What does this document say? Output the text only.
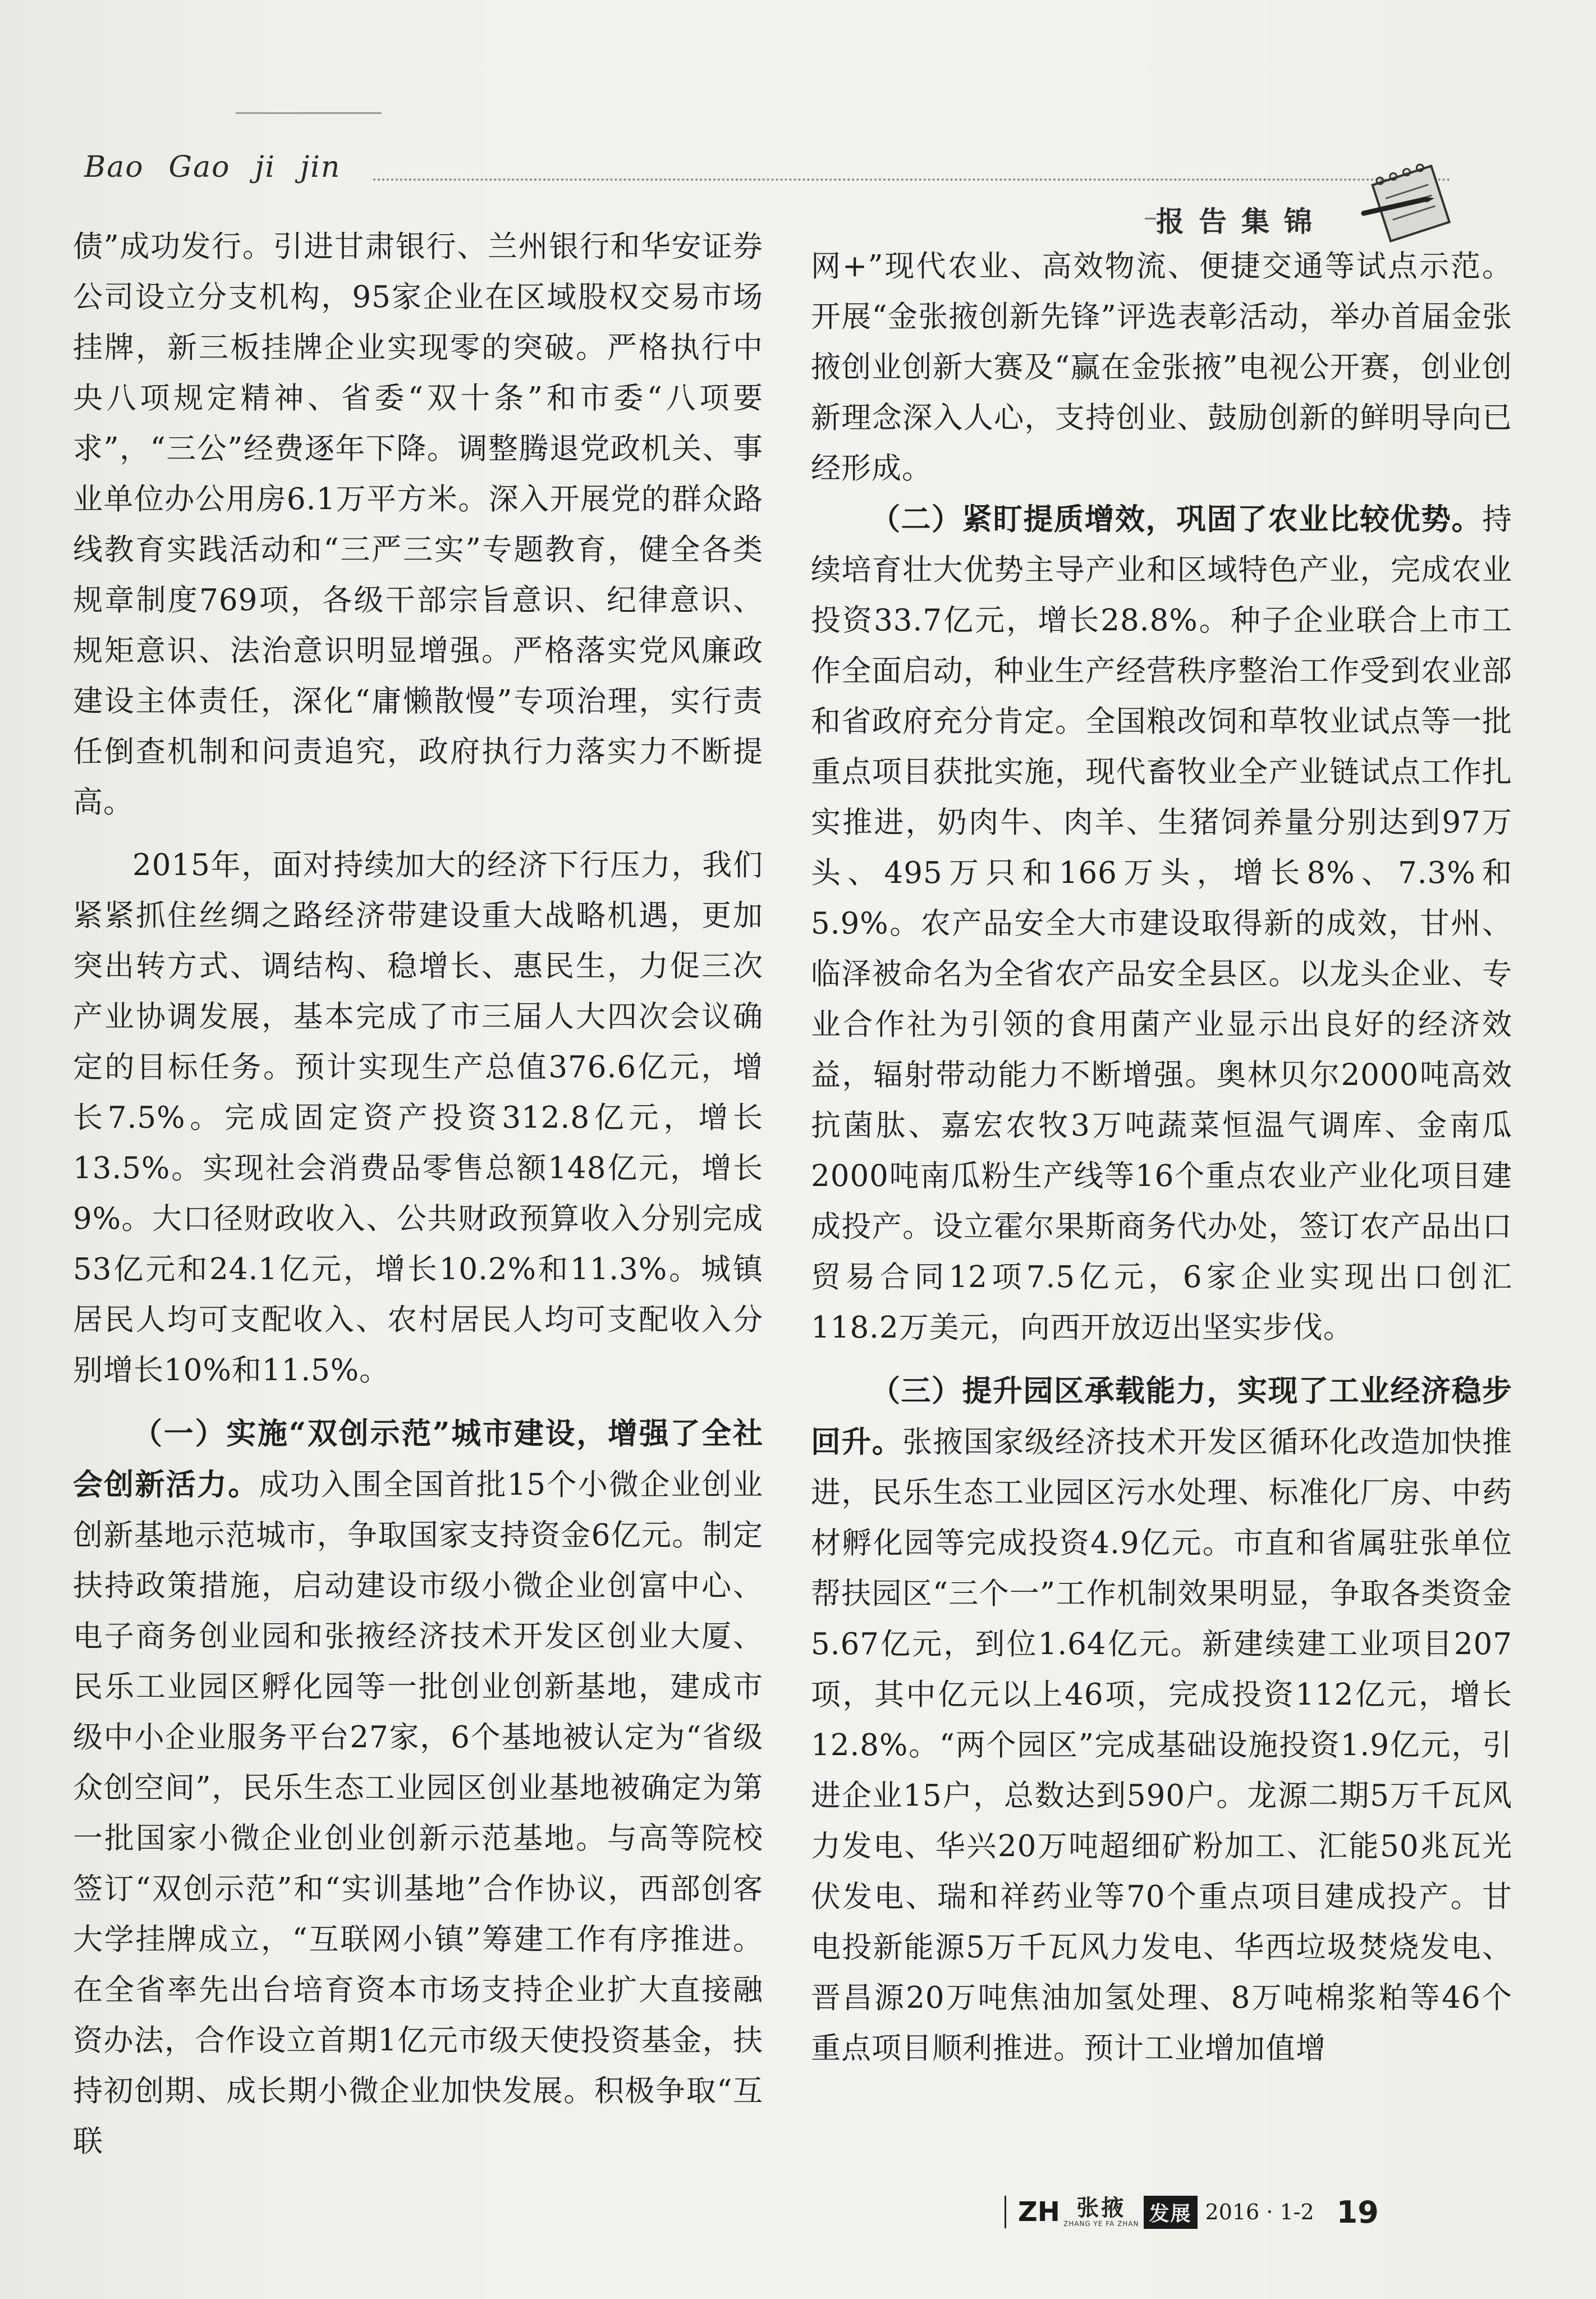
Bao Gao ji jin
报告集锦

债”成功发行。引进甘肃银行、兰州银行和华安证券公司设立分支机构，95家企业在区域股权交易市场挂牌，新三板挂牌企业实现零的突破。严格执行中央八项规定精神、省委“双十条”和市委“八项要求”，“三公”经费逐年下降。调整腾退党政机关、事业单位办公用房6.1万平方米。深入开展党的群众路线教育实践活动和“三严三实”专题教育，健全各类规章制度769项，各级干部宗旨意识、纪律意识、规矩意识、法治意识明显增强。严格落实党风廉政建设主体责任，深化“庸懒散慢”专项治理，实行责任倒查机制和问责追究，政府执行力落实力不断提高。

2015年，面对持续加大的经济下行压力，我们紧紧抓住丝绸之路经济带建设重大战略机遇，更加突出转方式、调结构、稳增长、惠民生，力促三次产业协调发展，基本完成了市三届人大四次会议确定的目标任务。预计实现生产总值376.6亿元，增长7.5%。完成固定资产投资312.8亿元，增长13.5%。实现社会消费品零售总额148亿元，增长9%。大口径财政收入、公共财政预算收入分别完成53亿元和24.1亿元，增长10.2%和11.3%。城镇居民人均可支配收入、农村居民人均可支配收入分别增长10%和11.5%。

（一）实施“双创示范”城市建设，增强了全社会创新活力。成功入围全国首批15个小微企业创业创新基地示范城市，争取国家支持资金6亿元。制定扶持政策措施，启动建设市级小微企业创富中心、电子商务创业园和张掖经济技术开发区创业大厦、民乐工业园区孵化园等一批创业创新基地，建成市级中小企业服务平台27家，6个基地被认定为“省级众创空间”，民乐生态工业园区创业基地被确定为第一批国家小微企业创业创新示范基地。与高等院校签订“双创示范”和“实训基地”合作协议，西部创客大学挂牌成立，“互联网小镇”筹建工作有序推进。在全省率先出台培育资本市场支持企业扩大直接融资办法，合作设立首期1亿元市级天使投资基金，扶持初创期、成长期小微企业加快发展。积极争取“互联

网+”现代农业、高效物流、便捷交通等试点示范。开展“金张掖创新先锋”评选表彰活动，举办首届金张掖创业创新大赛及“赢在金张掖”电视公开赛，创业创新理念深入人心，支持创业、鼓励创新的鲜明导向已经形成。

（二）紧盯提质增效，巩固了农业比较优势。持续培育壮大优势主导产业和区域特色产业，完成农业投资33.7亿元，增长28.8%。种子企业联合上市工作全面启动，种业生产经营秩序整治工作受到农业部和省政府充分肯定。全国粮改饲和草牧业试点等一批重点项目获批实施，现代畜牧业全产业链试点工作扎实推进，奶肉牛、肉羊、生猪饲养量分别达到97万头、495万只和166万头，增长8%、7.3%和5.9%。农产品安全大市建设取得新的成效，甘州、临泽被命名为全省农产品安全县区。以龙头企业、专业合作社为引领的食用菌产业显示出良好的经济效益，辐射带动能力不断增强。奥林贝尔2000吨高效抗菌肽、嘉宏农牧3万吨蔬菜恒温气调库、金南瓜2000吨南瓜粉生产线等16个重点农业产业化项目建成投产。设立霍尔果斯商务代办处，签订农产品出口贸易合同12项7.5亿元，6家企业实现出口创汇118.2万美元，向西开放迈出坚实步伐。

（三）提升园区承载能力，实现了工业经济稳步回升。张掖国家级经济技术开发区循环化改造加快推进，民乐生态工业园区污水处理、标准化厂房、中药材孵化园等完成投资4.9亿元。市直和省属驻张单位帮扶园区“三个一”工作机制效果明显，争取各类资金5.67亿元，到位1.64亿元。新建续建工业项目207项，其中亿元以上46项，完成投资112亿元，增长12.8%。“两个园区”完成基础设施投资1.9亿元，引进企业15户，总数达到590户。龙源二期5万千瓦风力发电、华兴20万吨超细矿粉加工、汇能50兆瓦光伏发电、瑞和祥药业等70个重点项目建成投产。甘电投新能源5万千瓦风力发电、华西垃圾焚烧发电、晋昌源20万吨焦油加氢处理、8万吨棉浆粕等46个重点项目顺利推进。预计工业增加值增

ZH 张掖
ZHANG YE FA ZHAN 发展 2016 · 1-2 19
